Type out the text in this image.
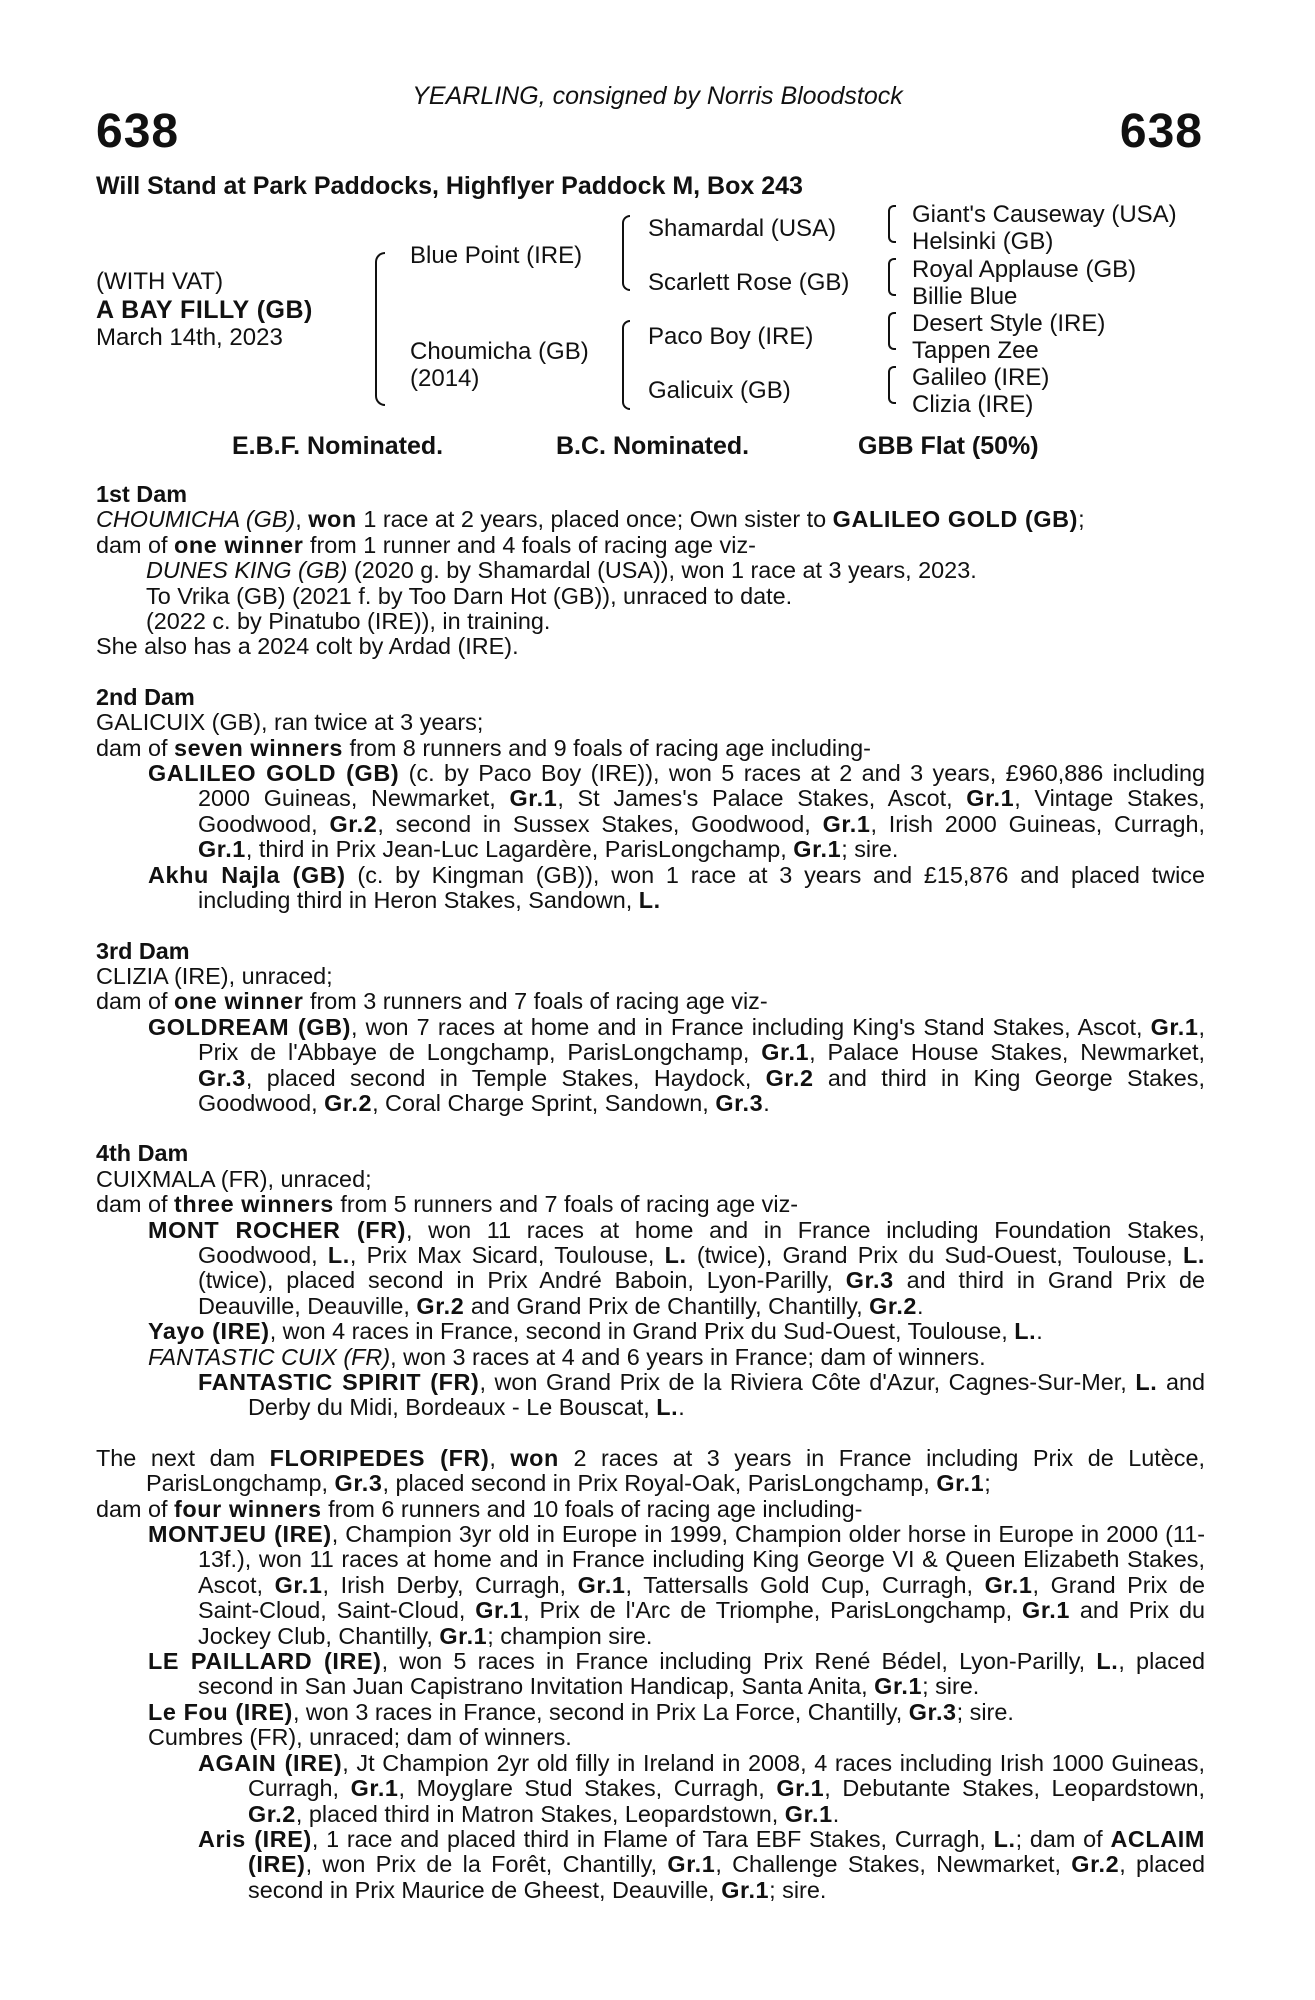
YEARLING, consigned by Norris Bloodstock
638	638
Will Stand at Park Paddocks, Highflyer Paddock M, Box 243
(WITH VAT)
A BAY FILLY (GB)
March 14th, 2023
Blue Point (IRE)
Choumicha (GB)
(2014)
Shamardal (USA)
Scarlett Rose (GB)
Paco Boy (IRE)
Galicuix (GB)
Giant's Causeway (USA)
Helsinki (GB)
Royal Applause (GB)
Billie Blue
Desert Style (IRE)
Tappen Zee
Galileo (IRE)
Clizia (IRE)
E.B.F. Nominated.	B.C. Nominated.	GBB Flat (50%)
1st Dam
CHOUMICHA (GB), won 1 race at 2 years, placed once; Own sister to GALILEO GOLD (GB);
dam of one winner from 1 runner and 4 foals of racing age viz-
DUNES KING (GB) (2020 g. by Shamardal (USA)), won 1 race at 3 years, 2023.
To Vrika (GB) (2021 f. by Too Darn Hot (GB)), unraced to date.
(2022 c. by Pinatubo (IRE)), in training.
She also has a 2024 colt by Ardad (IRE).
2nd Dam
GALICUIX (GB), ran twice at 3 years;
dam of seven winners from 8 runners and 9 foals of racing age including-
GALILEO GOLD (GB) (c. by Paco Boy (IRE)), won 5 races at 2 and 3 years, £960,886 including 2000 Guineas, Newmarket, Gr.1, St James's Palace Stakes, Ascot, Gr.1, Vintage Stakes, Goodwood, Gr.2, second in Sussex Stakes, Goodwood, Gr.1, Irish 2000 Guineas, Curragh, Gr.1, third in Prix Jean-Luc Lagardère, ParisLongchamp, Gr.1; sire.
Akhu Najla (GB) (c. by Kingman (GB)), won 1 race at 3 years and £15,876 and placed twice including third in Heron Stakes, Sandown, L.
3rd Dam
CLIZIA (IRE), unraced;
dam of one winner from 3 runners and 7 foals of racing age viz-
GOLDREAM (GB), won 7 races at home and in France including King's Stand Stakes, Ascot, Gr.1, Prix de l'Abbaye de Longchamp, ParisLongchamp, Gr.1, Palace House Stakes, Newmarket, Gr.3, placed second in Temple Stakes, Haydock, Gr.2 and third in King George Stakes, Goodwood, Gr.2, Coral Charge Sprint, Sandown, Gr.3.
4th Dam
CUIXMALA (FR), unraced;
dam of three winners from 5 runners and 7 foals of racing age viz-
MONT ROCHER (FR), won 11 races at home and in France including Foundation Stakes, Goodwood, L., Prix Max Sicard, Toulouse, L. (twice), Grand Prix du Sud-Ouest, Toulouse, L. (twice), placed second in Prix André Baboin, Lyon-Parilly, Gr.3 and third in Grand Prix de Deauville, Deauville, Gr.2 and Grand Prix de Chantilly, Chantilly, Gr.2.
Yayo (IRE), won 4 races in France, second in Grand Prix du Sud-Ouest, Toulouse, L..
FANTASTIC CUIX (FR), won 3 races at 4 and 6 years in France; dam of winners.
FANTASTIC SPIRIT (FR), won Grand Prix de la Riviera Côte d'Azur, Cagnes-Sur-Mer, L. and Derby du Midi, Bordeaux - Le Bouscat, L..
The next dam FLORIPEDES (FR), won 2 races at 3 years in France including Prix de Lutèce, ParisLongchamp, Gr.3, placed second in Prix Royal-Oak, ParisLongchamp, Gr.1;
dam of four winners from 6 runners and 10 foals of racing age including-
MONTJEU (IRE), Champion 3yr old in Europe in 1999, Champion older horse in Europe in 2000 (11-13f.), won 11 races at home and in France including King George VI & Queen Elizabeth Stakes, Ascot, Gr.1, Irish Derby, Curragh, Gr.1, Tattersalls Gold Cup, Curragh, Gr.1, Grand Prix de Saint-Cloud, Saint-Cloud, Gr.1, Prix de l'Arc de Triomphe, ParisLongchamp, Gr.1 and Prix du Jockey Club, Chantilly, Gr.1; champion sire.
LE PAILLARD (IRE), won 5 races in France including Prix René Bédel, Lyon-Parilly, L., placed second in San Juan Capistrano Invitation Handicap, Santa Anita, Gr.1; sire.
Le Fou (IRE), won 3 races in France, second in Prix La Force, Chantilly, Gr.3; sire.
Cumbres (FR), unraced; dam of winners.
AGAIN (IRE), Jt Champion 2yr old filly in Ireland in 2008, 4 races including Irish 1000 Guineas, Curragh, Gr.1, Moyglare Stud Stakes, Curragh, Gr.1, Debutante Stakes, Leopardstown, Gr.2, placed third in Matron Stakes, Leopardstown, Gr.1.
Aris (IRE), 1 race and placed third in Flame of Tara EBF Stakes, Curragh, L.; dam of ACLAIM (IRE), won Prix de la Forêt, Chantilly, Gr.1, Challenge Stakes, Newmarket, Gr.2, placed second in Prix Maurice de Gheest, Deauville, Gr.1; sire.
